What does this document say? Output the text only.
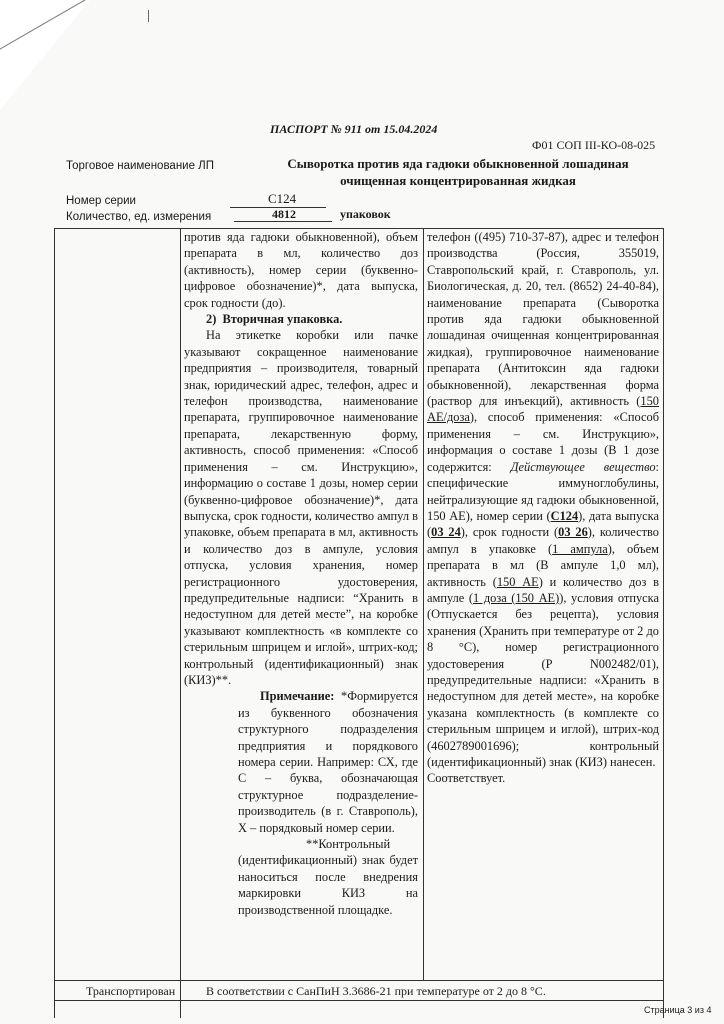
ПАСПОРТ № 911 от 15.04.2024
Ф01 СОП III-КО-08-025
Торговое наименование ЛП	Сыворотка против яда гадюки обыкновенной лошадиная
очищенная концентрированная жидкая
Номер серии	С124
Количество, ед. измерения	4812	упаковок

против яда гадюки обыкновенной), объем препарата в мл, количество доз (активность), номер серии (буквенно-цифровое обозначение)*, дата выпуска, срок годности (до).

2)  Вторичная упаковка.

На этикетке коробки или пачке указывают сокращенное наименование предприятия – производителя, товарный знак, юридический адрес, телефон, адрес и телефон производства, наименование препарата, группировочное наименование препарата, лекарственную форму, активность, способ применения: «Способ применения – см. Инструкцию», информацию о составе 1 дозы, номер серии (буквенно-цифровое обозначение)*, дата выпуска, срок годности, количество ампул в упаковке, объем препарата в мл, активность и количество доз в ампуле, условия отпуска, условия хранения, номер регистрационного удостоверения, предупредительные надписи: “Хранить в недоступном для детей месте”, на коробке указывают комплектность «в комплекте со стерильным шприцем и иглой», штрих-код; контрольный (идентификационный) знак (КИЗ)**.

Примечание: *Формируется из буквенного обозначения структурного подразделения предприятия и порядкового номера серии. Например: СХ, где С – буква, обозначающая структурное подразделение-производитель (в г. Ставрополь), Х – порядковый номер серии.

**Контрольный (идентификационный) знак будет наноситься после внедрения маркировки КИЗ на производственной площадке.

телефон ((495) 710-37-87), адрес и телефон производства (Россия, 355019, Ставропольский край, г. Ставрополь, ул. Биологическая, д. 20, тел. (8652) 24-40-84), наименование препарата (Сыворотка против яда гадюки обыкновенной лошадиная очищенная концентрированная жидкая), группировочное наименование препарата (Антитоксин яда гадюки обыкновенной), лекарственная форма (раствор для инъекций), активность (150 АЕ/доза), способ применения: «Способ применения – см. Инструкцию», информация о составе 1 дозы (В 1 дозе содержится: Действующее вещество: специфические иммуноглобулины, нейтрализующие яд гадюки обыкновенной, 150 АЕ), номер серии (С124), дата выпуска (03 24), срок годности (03 26), количество ампул в упаковке (1 ампула), объем препарата в мл (В ампуле 1,0 мл), активность (150 АЕ) и количество доз в ампуле (1 доза (150 АЕ)), условия отпуска (Отпускается без рецепта), условия хранения (Хранить при температуре от 2 до 8 °С), номер регистрационного удостоверения (Р N002482/01), предупредительные надписи: «Хранить в недоступном для детей месте», на коробке указана комплектность (в комплекте со стерильным шприцем и иглой), штрих-код (4602789001696); контрольный (идентификационный) знак (КИЗ) нанесен.

Соответствует.

Транспортирован	В соответствии с СанПиН 3.3686-21 при температуре от 2 до 8 °С.
Страница 3 из 4
